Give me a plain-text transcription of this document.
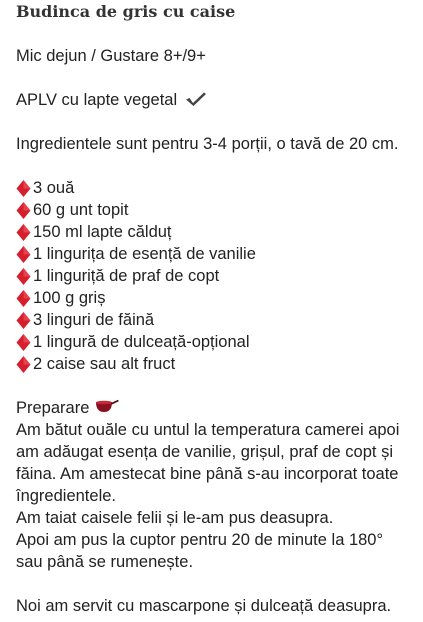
Budinca de gris cu caise
Mic dejun / Gustare 8+/9+
APLV cu lapte vegetal
Ingredientele sunt pentru 3-4 porții, o tavă de 20 cm.
3 ouă
60 g unt topit
150 ml lapte călduț
1 lingurița de esență de vanilie
1 linguriță de praf de copt
100 g griș
3 linguri de făină
1 lingură de dulceață-opțional
2 caise sau alt fruct
Preparare
Am bătut ouăle cu untul la temperatura camerei apoi
am adăugat esența de vanilie, grișul, praf de copt și
făina. Am amestecat bine până s-au incorporat toate
îngredientele.
Am taiat caisele felii și le-am pus deasupra.
Apoi am pus la cuptor pentru 20 de minute la 180°
sau până se rumenește.
Noi am servit cu mascarpone și dulceață deasupra.
